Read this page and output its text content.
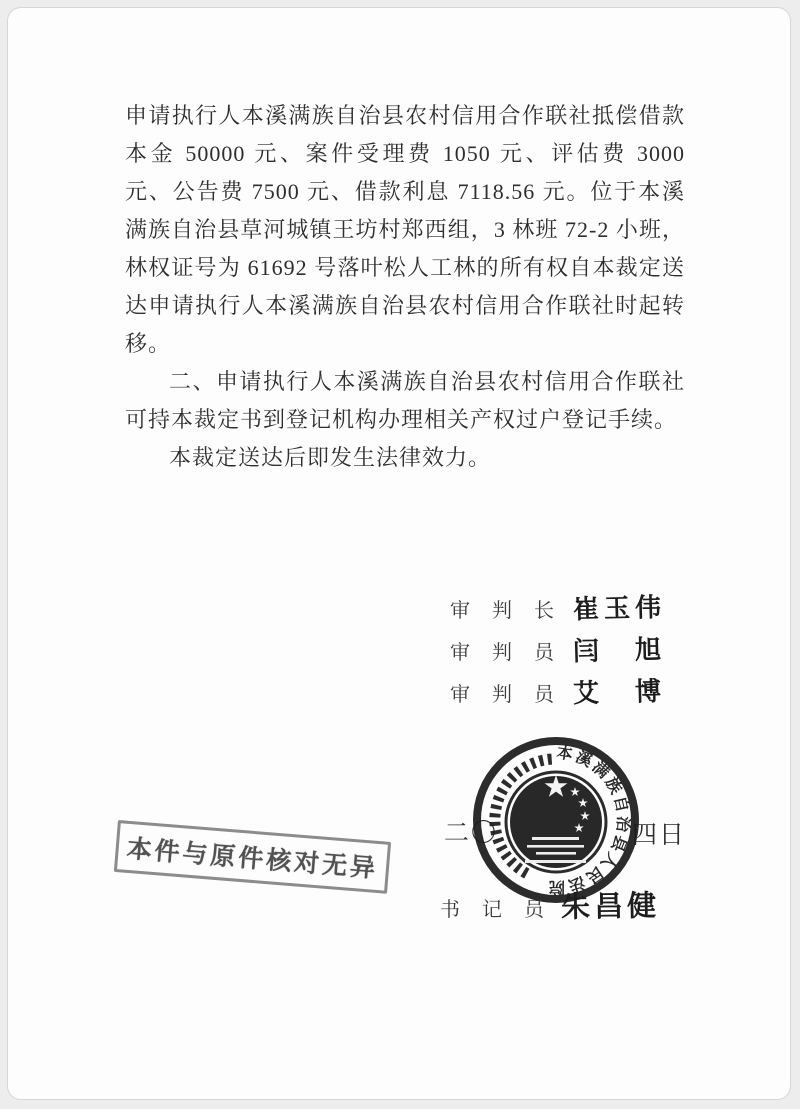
申请执行人本溪满族自治县农村信用合作联社抵偿借款本金 50000 元、案件受理费 1050 元、评估费 3000 元、公告费 7500 元、借款利息 7118.56 元。位于本溪满族自治县草河城镇王坊村郑西组，3 林班 72-2 小班，林权证号为 61692 号落叶松人工林的所有权自本裁定送达申请执行人本溪满族自治县农村信用合作联社时起转移。

二、申请执行人本溪满族自治县农村信用合作联社可持本裁定书到登记机构办理相关产权过户登记手续。

本裁定送达后即发生法律效力。

审　判　长 崔玉伟
审　判　员 闫　旭
审　判　员 艾　博
二〇	四日
本溪满族自治县人民法院
书　记　员 朱昌健
本件与原件核对无异
